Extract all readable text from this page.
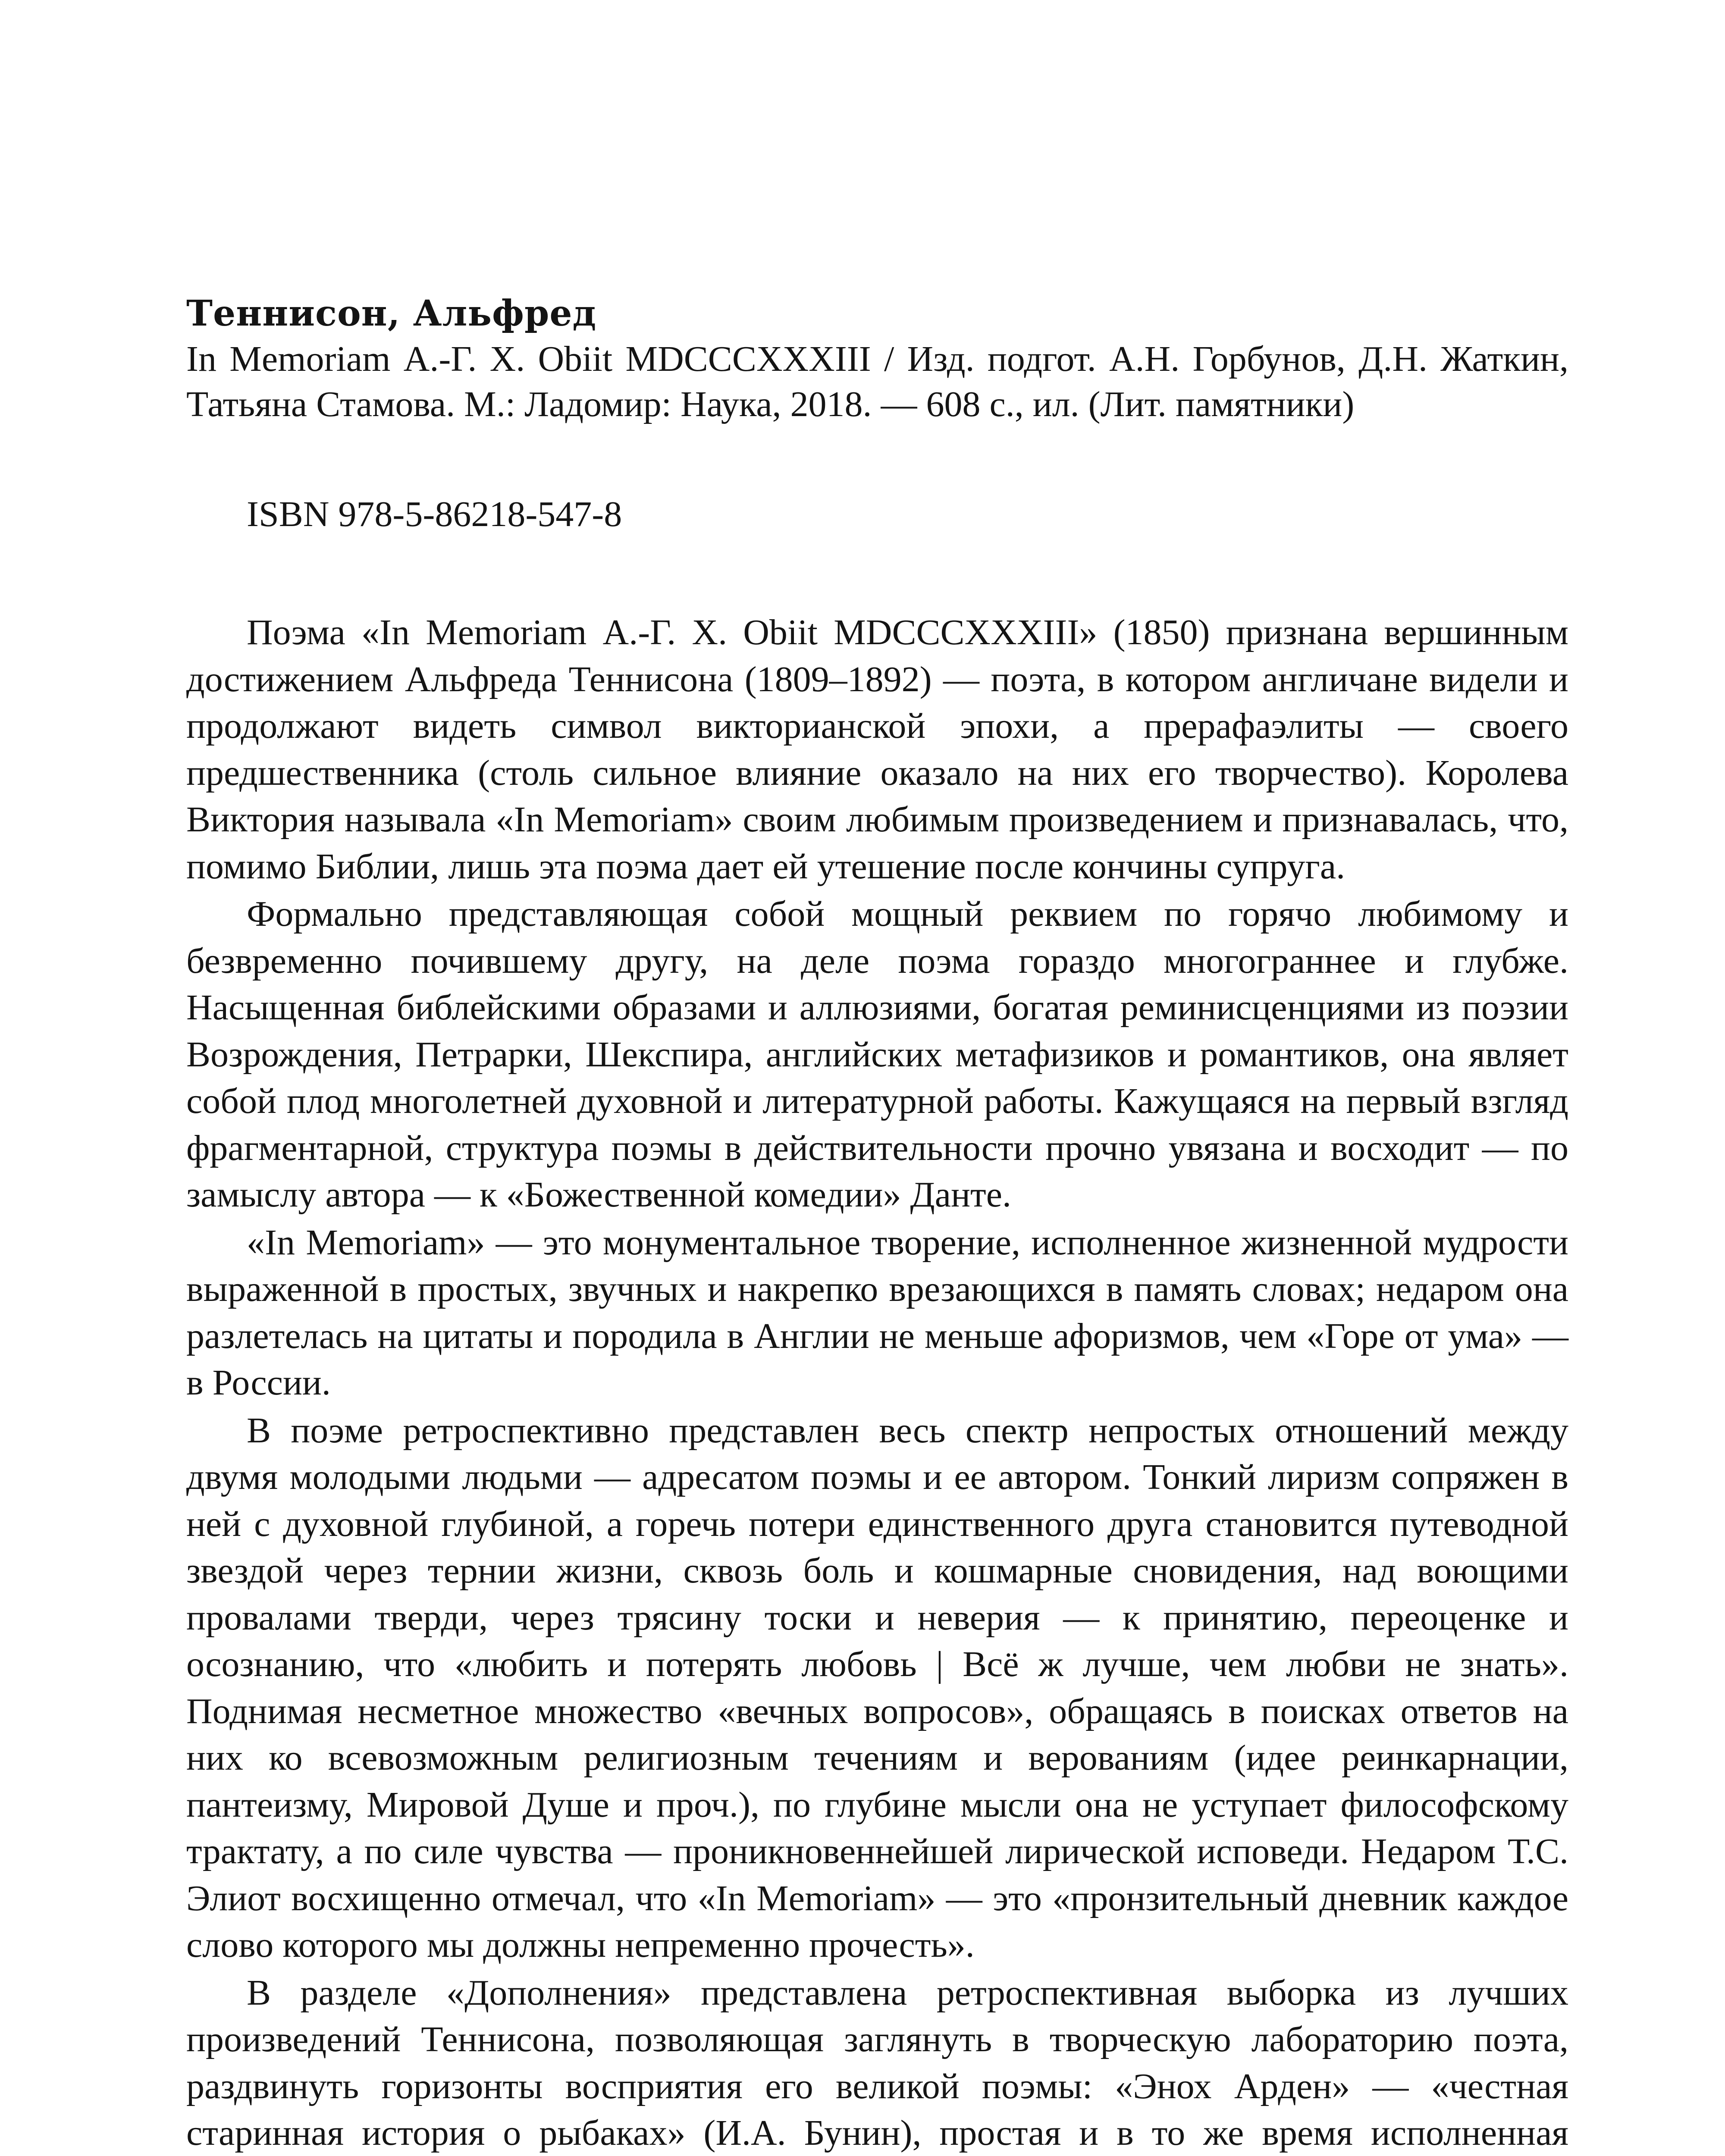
Теннисон, Альфред

In Memoriam А.-Г. Х. Obiit MDCCCXXXIII / Изд. подгот. А.Н. Горбунов, Д.Н. Жаткин, Татьяна Стамова. М.: Ладомир: Наука, 2018. — 608 с., ил. (Лит. памятники)

ISBN 978-5-86218-547-8

Поэма «In Memoriam А.-Г. Х. Obiit MDCCCXXXIII» (1850) признана вершинным достижением Альфреда Теннисона (1809–1892) — поэта, в котором англичане видели и продолжают видеть символ викторианской эпохи, а прерафаэлиты — своего предшественника (столь сильное влияние оказало на них его творчество). Королева Виктория называла «In Memoriam» своим любимым произведением и признавалась, что, помимо Библии, лишь эта поэма дает ей утешение после кончины супруга.

Формально представляющая собой мощный реквием по горячо любимому и безвременно почившему другу, на деле поэма гораздо многограннее и глубже. Насыщенная библейскими образами и аллюзиями, богатая реминисценциями из поэзии Возрождения, Петрарки, Шекспира, английских метафизиков и романтиков, она являет собой плод многолетней духовной и литературной работы. Кажущаяся на первый взгляд фрагментарной, структура поэмы в действительности прочно увязана и восходит — по замыслу автора — к «Божественной комедии» Данте.

«In Memoriam» — это монументальное творение, исполненное жизненной мудрости выраженной в простых, звучных и накрепко врезающихся в память словах; недаром она разлетелась на цитаты и породила в Англии не меньше афоризмов, чем «Горе от ума» — в России.

В поэме ретроспективно представлен весь спектр непростых отношений между двумя молодыми людьми — адресатом поэмы и ее автором. Тонкий лиризм сопряжен в ней с духовной глубиной, а горечь потери единственного друга становится путеводной звездой через тернии жизни, сквозь боль и кошмарные сновидения, над воющими провалами тверди, через трясину тоски и неверия — к принятию, переоценке и осознанию, что «любить и потерять любовь | Всё ж лучше, чем любви не знать». Поднимая несметное множество «вечных вопросов», обращаясь в поисках ответов на них ко всевозможным религиозным течениям и верованиям (идее реинкарнации, пантеизму, Мировой Душе и проч.), по глубине мысли она не уступает философскому трактату, а по силе чувства — проникновеннейшей лирической исповеди. Недаром Т.С. Элиот восхищенно отмечал, что «In Memoriam» — это «пронзительный дневник каждое слово которого мы должны непременно прочесть».

В разделе «Дополнения» представлена ретроспективная выборка из лучших произведений Теннисона, позволяющая заглянуть в творческую лабораторию поэта, раздвинуть горизонты восприятия его великой поэмы: «Энох Арден» — «честная старинная история о рыбаках» (И.А. Бунин), простая и в то же время исполненная
